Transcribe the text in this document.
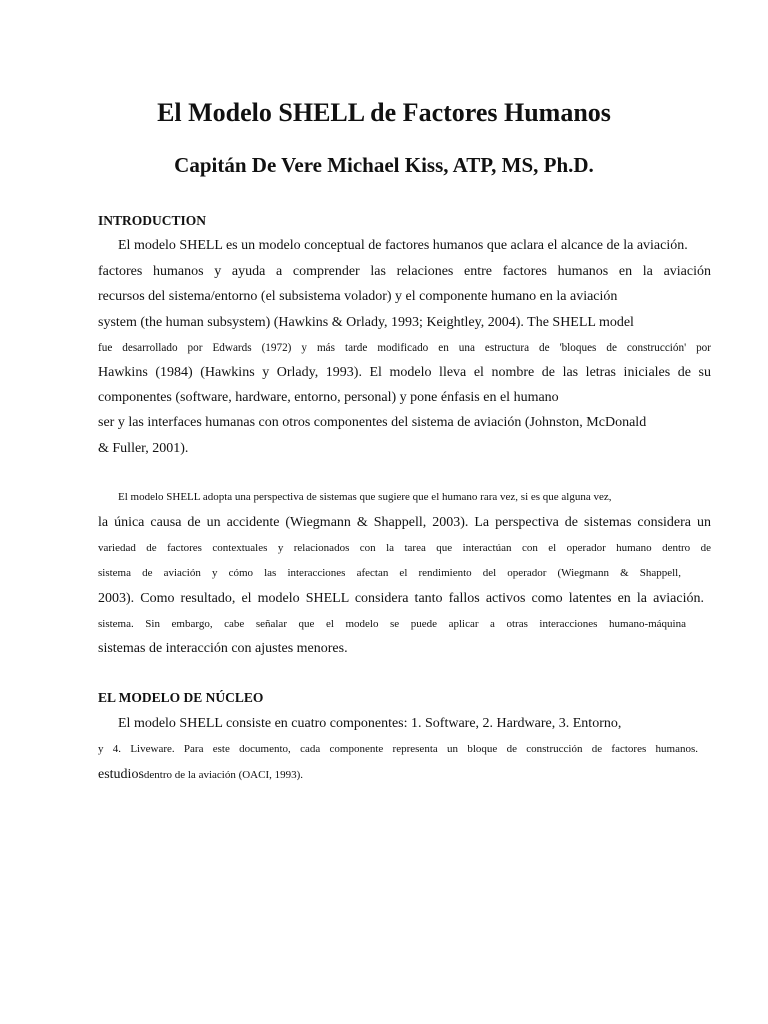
El Modelo SHELL de Factores Humanos
Capitán De Vere Michael Kiss, ATP, MS, Ph.D.
INTRODUCTION

El modelo SHELL es un modelo conceptual de factores humanos que aclara el alcance de la aviación.

factores humanos y ayuda a comprender las relaciones entre factores humanos en la aviación

recursos del sistema/entorno (el subsistema volador) y el componente humano en la aviación

system (the human subsystem) (Hawkins & Orlady, 1993; Keightley, 2004). The SHELL model

fue desarrollado por Edwards (1972) y más tarde modificado en una estructura de 'bloques de construcción' por

Hawkins (1984) (Hawkins y Orlady, 1993). El modelo lleva el nombre de las letras iniciales de su

componentes (software, hardware, entorno, personal) y pone énfasis en el humano

ser y las interfaces humanas con otros componentes del sistema de aviación (Johnston, McDonald

& Fuller, 2001).

El modelo SHELL adopta una perspectiva de sistemas que sugiere que el humano rara vez, si es que alguna vez,

la única causa de un accidente (Wiegmann & Shappell, 2003). La perspectiva de sistemas considera un

variedad de factores contextuales y relacionados con la tarea que interactúan con el operador humano dentro de

sistema de aviación y cómo las interacciones afectan el rendimiento del operador (Wiegmann & Shappell,

2003). Como resultado, el modelo SHELL considera tanto fallos activos como latentes en la aviación.

sistema. Sin embargo, cabe señalar que el modelo se puede aplicar a otras interacciones humano-máquina

sistemas de interacción con ajustes menores.

EL MODELO DE NÚCLEO

El modelo SHELL consiste en cuatro componentes: 1. Software, 2. Hardware, 3. Entorno,

y 4. Liveware. Para este documento, cada componente representa un bloque de construcción de factores humanos.

estudiosdentro de la aviación (OACI, 1993).
